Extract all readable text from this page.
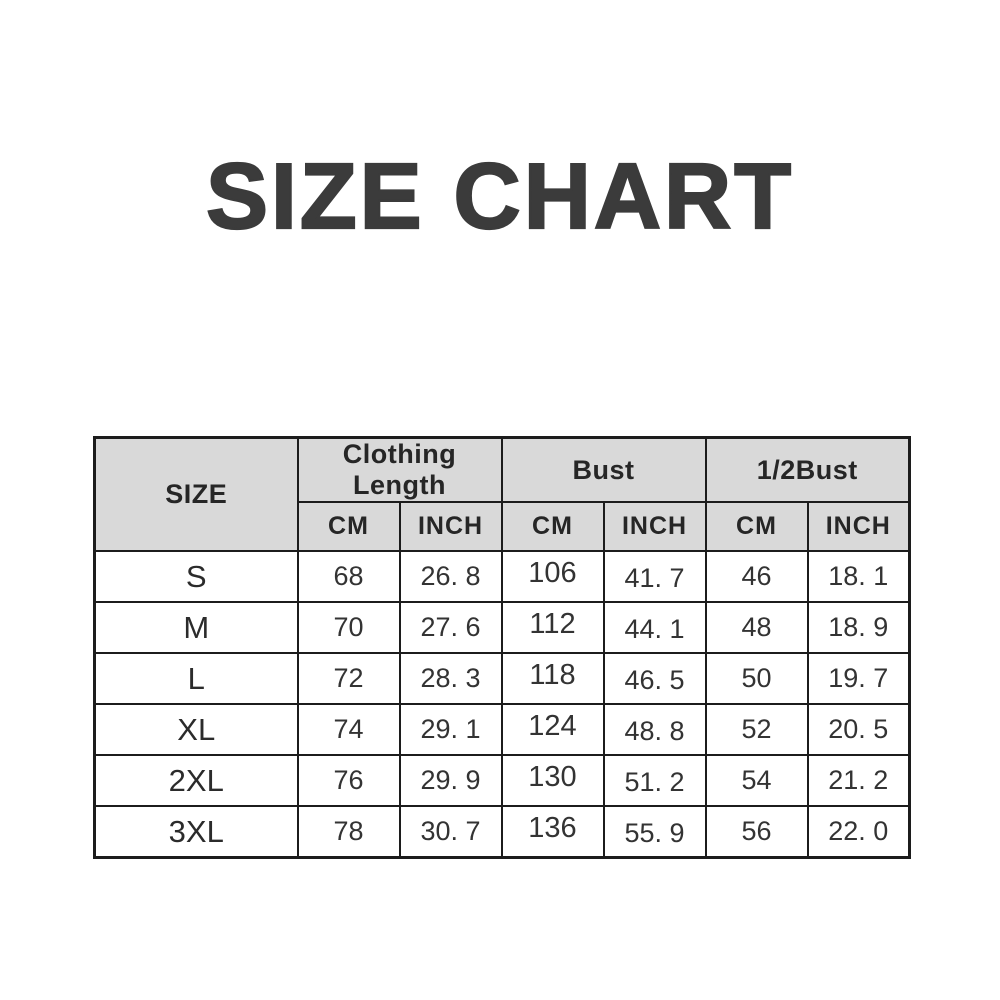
SIZE CHART
SIZE	Clothing Length		Bust		1/2Bust	
	CM	INCH	CM	INCH	CM	INCH
S	68	26. 8	106	41. 7	46	18. 1
M	70	27. 6	112	44. 1	48	18. 9
L	72	28. 3	118	46. 5	50	19. 7
XL	74	29. 1	124	48. 8	52	20. 5
2XL	76	29. 9	130	51. 2	54	21. 2
3XL	78	30. 7	136	55. 9	56	22. 0
